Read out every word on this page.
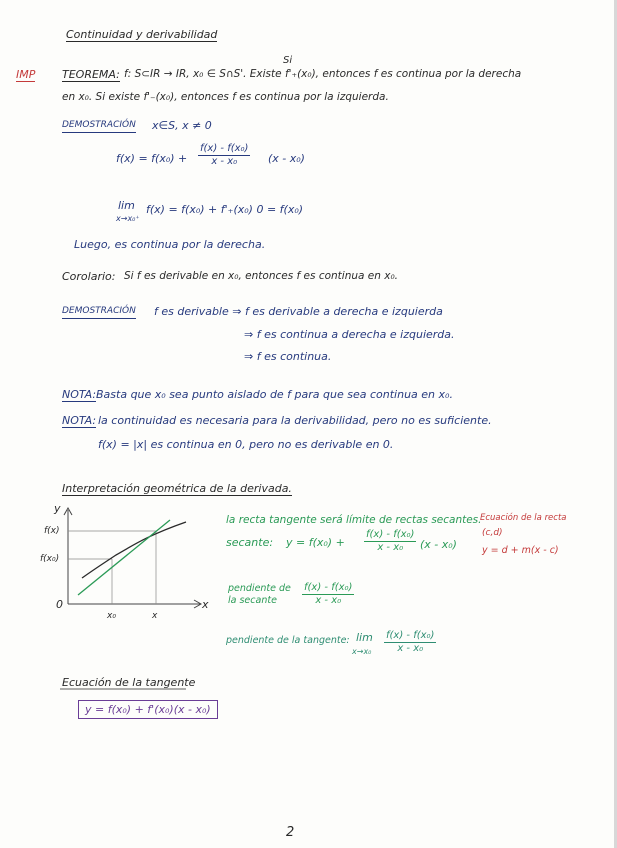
Continuidad y derivabilidad
Si
IMP TEOREMA: f: S⊂IR → IR, x₀ ∈ S∩S'. Existe f'₊(x₀), entonces f es continua por la derecha
en x₀. Si existe f'₋(x₀), entonces f es continua por la izquierda.
DEMOSTRACIÓN x∈S, x ≠ 0
$f(x) = f(x_0) + \frac{\text{f(x) - f(x₀)}}{\text{x - x₀}} (x - x_0)$
lim
x→x₀⁺
f(x) = f(x₀) + f'₊(x₀) 0 = f(x₀)
Luego, es continua por la derecha.
Corolario: Si f es derivable en x₀, entonces f es continua en x₀.
DEMOSTRACIÓN f es derivable ⇒ f es derivable a derecha e izquierda
⇒ f es continua a derecha e izquierda.
⇒ f es continua.
NOTA: Basta que x₀ sea punto aislado de f para que sea continua en x₀.
NOTA: la continuidad es necesaria para la derivabilidad, pero no es suficiente.
f(x) = |x| es continua en 0, pero no es derivable en 0.
Interpretación geométrica de la derivada.
y
x
f(x)
f(x₀)
0
x₀	x
la recta tangente será límite de rectas secantes.
secante: $y = f(x_0) + \frac{\text{f(x) - f(x₀)}}{\text{x - x₀}} (x - x_0)$
Ecuación de la recta
(c,d)
y = d + m(x - c)
pendiente de
la secante	$\frac{\text{f(x) - f(x₀)}}{\text{x - x₀}}$
pendiente de la tangente: lim
$x\to x_0 \frac{\text{f(x) - f(x₀)}}{\text{x - x₀}}$
Ecuación de la tangente
y = f(x₀) + f'(x₀)(x - x₀)
2
